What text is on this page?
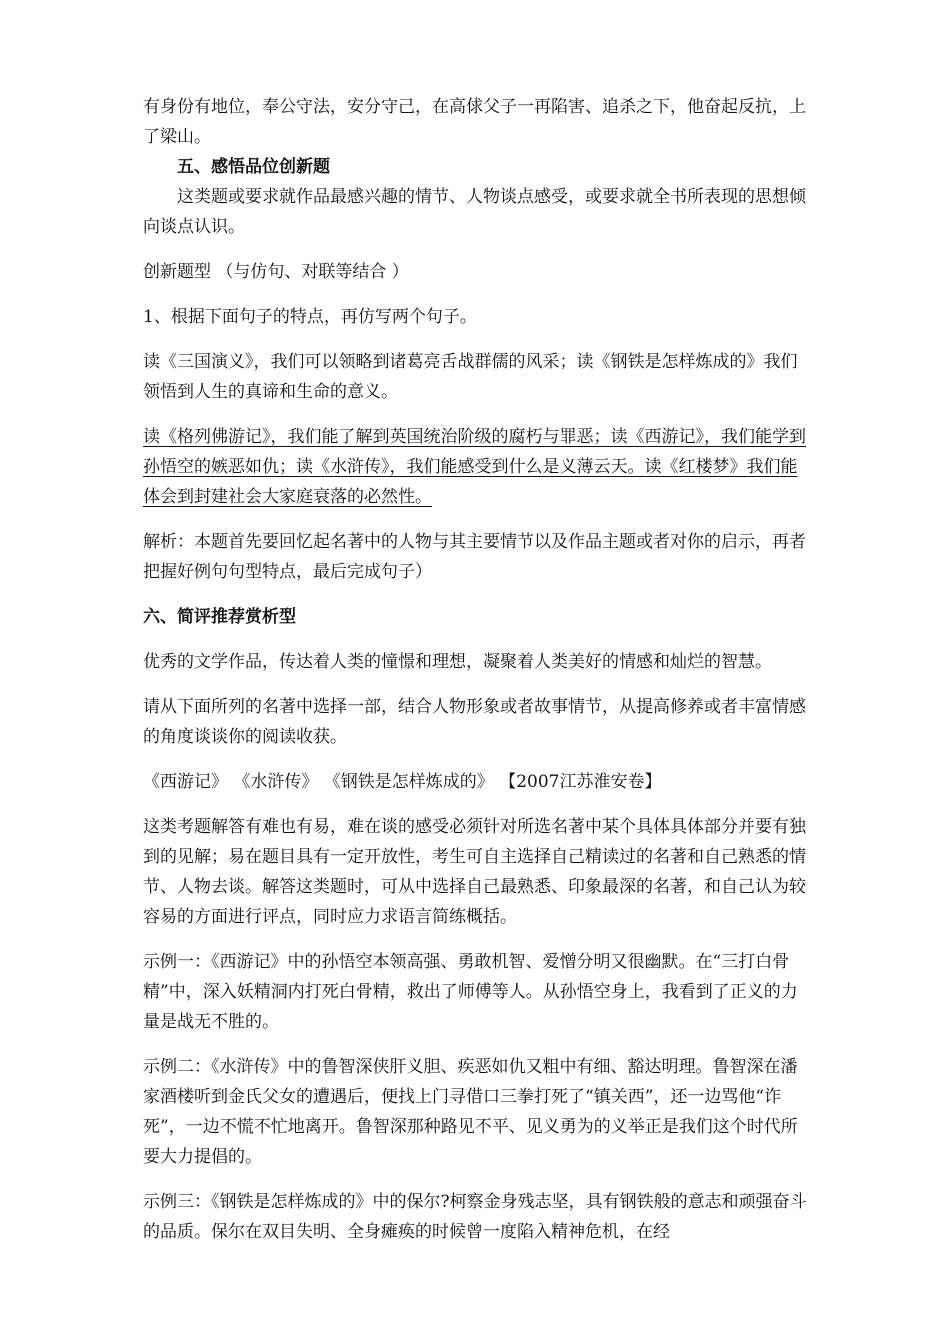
有身份有地位，奉公守法，安分守己，在高俅父子一再陷害、追杀之下，他奋起反抗，上了梁山。

五、感悟品位创新题

这类题或要求就作品最感兴趣的情节、人物谈点感受，或要求就全书所表现的思想倾向谈点认识。

创新题型 （与仿句、对联等结合 ）

1、根据下面句子的特点，再仿写两个句子。

读《三国演义》，我们可以领略到诸葛亮舌战群儒的风采；读《钢铁是怎样炼成的》我们领悟到人生的真谛和生命的意义。

读《格列佛游记》，我们能了解到英国统治阶级的腐朽与罪恶；读《西游记》，我们能学到孙悟空的嫉恶如仇；读《水浒传》，我们能感受到什么是义薄云天。读《红楼梦》我们能体会到封建社会大家庭衰落的必然性。

解析：本题首先要回忆起名著中的人物与其主要情节以及作品主题或者对你的启示，再者把握好例句句型特点，最后完成句子）

六、简评推荐赏析型

优秀的文学作品，传达着人类的憧憬和理想，凝聚着人类美好的情感和灿烂的智慧。

请从下面所列的名著中选择一部，结合人物形象或者故事情节，从提高修养或者丰富情感的角度谈谈你的阅读收获。

《西游记》 《水浒传》 《钢铁是怎样炼成的》 【2007江苏淮安卷】

这类考题解答有难也有易，难在谈的感受必须针对所选名著中某个具体具体部分并要有独到的见解；易在题目具有一定开放性，考生可自主选择自己精读过的名著和自己熟悉的情节、人物去谈。解答这类题时，可从中选择自己最熟悉、印象最深的名著，和自己认为较容易的方面进行评点，同时应力求语言简练概括。

示例一：《西游记》中的孙悟空本领高强、勇敢机智、爱憎分明又很幽默。在“三打白骨精”中，深入妖精洞内打死白骨精，救出了师傅等人。从孙悟空身上，我看到了正义的力量是战无不胜的。

示例二：《水浒传》中的鲁智深侠肝义胆、疾恶如仇又粗中有细、豁达明理。鲁智深在潘家酒楼听到金氏父女的遭遇后，便找上门寻借口三拳打死了“镇关西”，还一边骂他“诈死”，一边不慌不忙地离开。鲁智深那种路见不平、见义勇为的义举正是我们这个时代所要大力提倡的。

示例三：《钢铁是怎样炼成的》中的保尔?柯察金身残志坚，具有钢铁般的意志和顽强奋斗的品质。保尔在双目失明、全身瘫痪的时候曾一度陷入精神危机，在经
